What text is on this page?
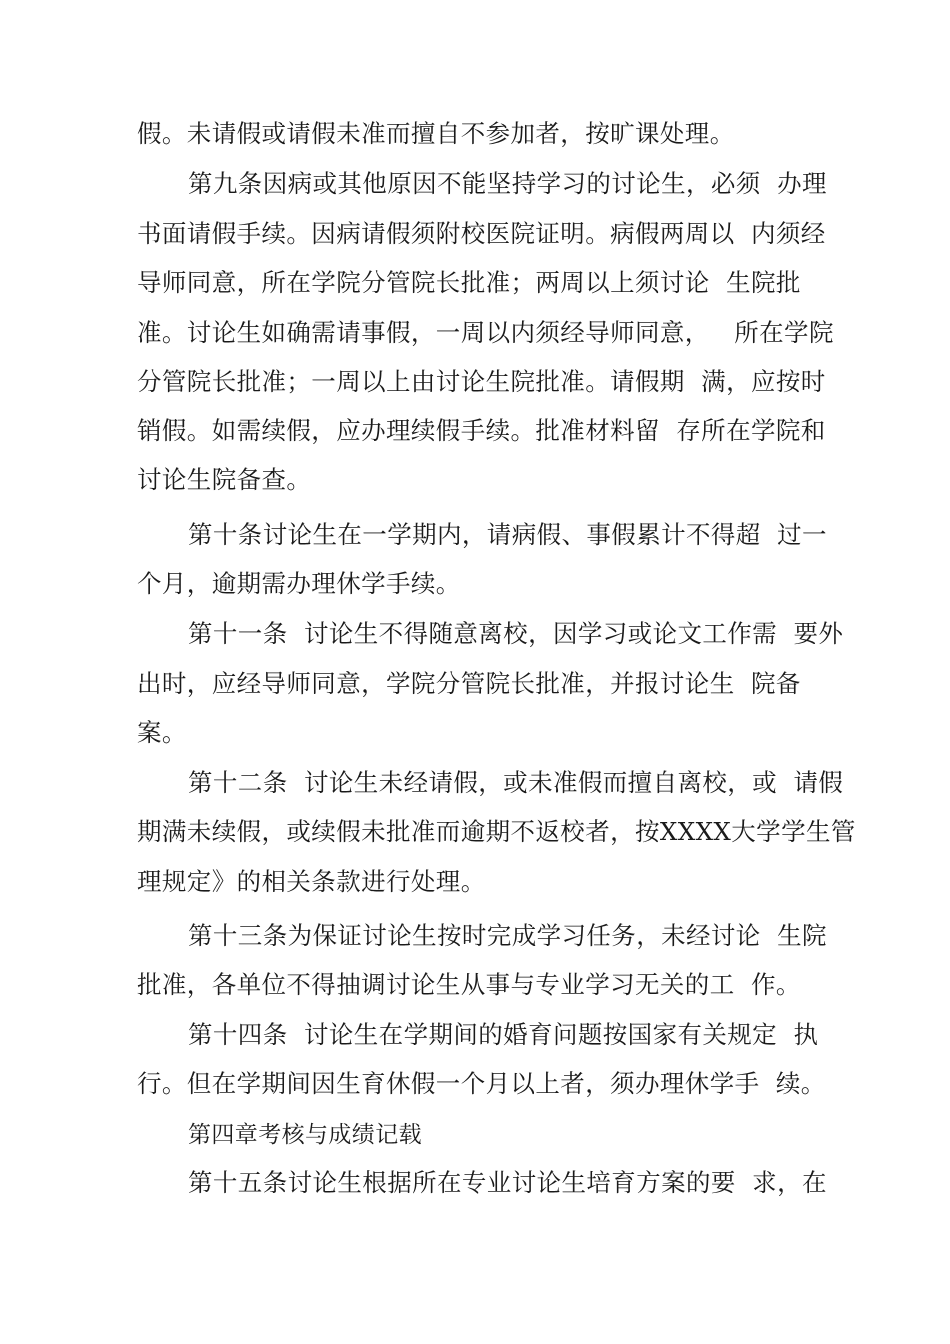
假。未请假或请假未准而擅自不参加者，按旷课处理。
第九条因病或其他原因不能坚持学习的讨论生，必须  办理
书面请假手续。因病请假须附校医院证明。病假两周以  内须经
导师同意，所在学院分管院长批准；两周以上须讨论  生院批
准。讨论生如确需请事假，一周以内须经导师同意，   所在学院
分管院长批准；一周以上由讨论生院批准。请假期  满，应按时
销假。如需续假，应办理续假手续。批准材料留  存所在学院和
讨论生院备查。
第十条讨论生在一学期内，请病假、事假累计不得超  过一
个月，逾期需办理休学手续。
第十一条  讨论生不得随意离校，因学习或论文工作需  要外
出时，应经导师同意，学院分管院长批准，并报讨论生  院备
案。
第十二条  讨论生未经请假，或未准假而擅自离校，或  请假
期满未续假，或续假未批准而逾期不返校者，按XXXX大学学生管
理规定》的相关条款进行处理。
第十三条为保证讨论生按时完成学习任务，未经讨论  生院
批准，各单位不得抽调讨论生从事与专业学习无关的工  作。
第十四条  讨论生在学期间的婚育问题按国家有关规定  执
行。但在学期间因生育休假一个月以上者，须办理休学手  续。
第四章考核与成绩记载
第十五条讨论生根据所在专业讨论生培育方案的要  求，在
